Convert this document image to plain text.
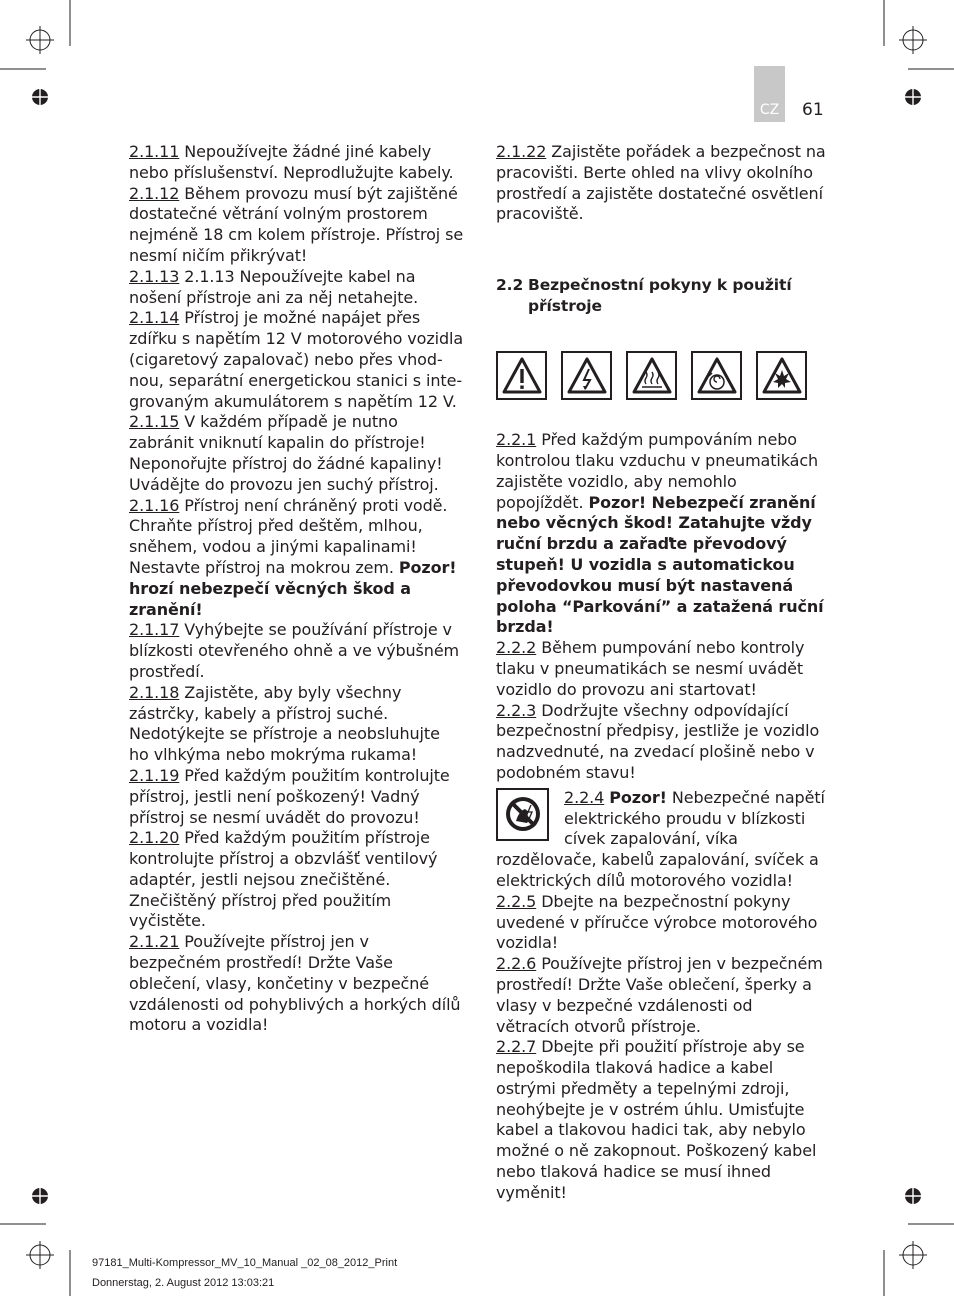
CZ	61

2.1.11 Nepoužívejte žádné jiné kabely nebo příslušenství. Neprodlužujte kabely.

2.1.12 Během provozu musí být zajištěné dostatečné větrání volným prostorem nejméně 18 cm kolem přístroje. Přístroj se nesmí ničím přikrývat!

2.1.13 2.1.13 Nepoužívejte kabel na nošení přístroje ani za něj netahejte.

2.1.14 Přístroj je možné napájet přes zdířku s napětím 12 V motorového vozidla (cigaretový zapalovač) nebo přes vhod-nou, separátní energetickou stanici s inte-grovaným akumulátorem s napětím 12 V.

2.1.15 V každém případě je nutno zabránit vniknutí kapalin do přístroje! Neponořujte přístroj do žádné kapaliny! Uvádějte do provozu jen suchý přístroj.

2.1.16 Přístroj není chráněný proti vodě. Chraňte přístroj před deštěm, mlhou, sněhem, vodou a jinými kapalinami! Nestavte přístroj na mokrou zem. Pozor! hrozí nebezpečí věcných škod a zranění!

2.1.17 Vyhýbejte se používání přístroje v blízkosti otevřeného ohně a ve výbušném prostředí.

2.1.18 Zajistěte, aby byly všechny zástrčky, kabely a přístroj suché. Nedotýkejte se přístroje a neobsluhujte ho vlhkýma nebo mokrýma rukama!

2.1.19 Před každým použitím kontrolujte přístroj, jestli není poškozený! Vadný přístroj se nesmí uvádět do provozu!

2.1.20 Před každým použitím přístroje kontrolujte přístroj a obzvlášť ventilový adaptér, jestli nejsou znečištěné. Znečištěný přístroj před použitím vyčistěte.

2.1.21 Používejte přístroj jen v bezpečném prostředí! Držte Vaše oblečení, vlasy, končetiny v bezpečné vzdálenosti od pohyblivých a horkých dílů motoru a vozidla!

2.1.22 Zajistěte pořádek a bezpečnost na pracovišti. Berte ohled na vlivy okolního prostředí a zajistěte dostatečné osvětlení pracoviště.

2.2 Bezpečnostní pokyny k použití přístroje

2.2.1 Před každým pumpováním nebo kontrolou tlaku vzduchu v pneumatikách zajistěte vozidlo, aby nemohlo popojíždět. Pozor! Nebezpečí zranění nebo věcných škod! Zatahujte vždy ruční brzdu a zařaďte převodový stupeň! U vozidla s automatickou převodovkou musí být nastavená poloha “Parkování” a zatažená ruční brzda!

2.2.2 Během pumpování nebo kontroly tlaku v pneumatikách se nesmí uvádět vozidlo do provozu ani startovat!

2.2.3 Dodržujte všechny odpovídající bezpečnostní předpisy, jestliže je vozidlo nadzvednuté, na zvedací plošině nebo v podobném stavu!

2.2.4 Pozor! Nebezpečné napětí elektrického proudu v blízkosti cívek zapalování, víka rozdělovače, kabelů zapalování, svíček a elektrických dílů motorového vozidla!

2.2.5 Dbejte na bezpečnostní pokyny uvedené v příručce výrobce motorového vozidla!

2.2.6 Používejte přístroj jen v bezpečném prostředí! Držte Vaše oblečení, šperky a vlasy v bezpečné vzdálenosti od větracích otvorů přístroje.

2.2.7 Dbejte při použití přístroje aby se nepoškodila tlaková hadice a kabel ostrými předměty a tepelnými zdroji, neohýbejte je v ostrém úhlu. Umisťujte kabel a tlakovou hadici tak, aby nebylo možné o ně zakopnout. Poškozený kabel nebo tlaková hadice se musí ihned vyměnit!

97181_Multi-Kompressor_MV_10_Manual _02_08_2012_Print
Donnerstag, 2. August 2012 13:03:21
